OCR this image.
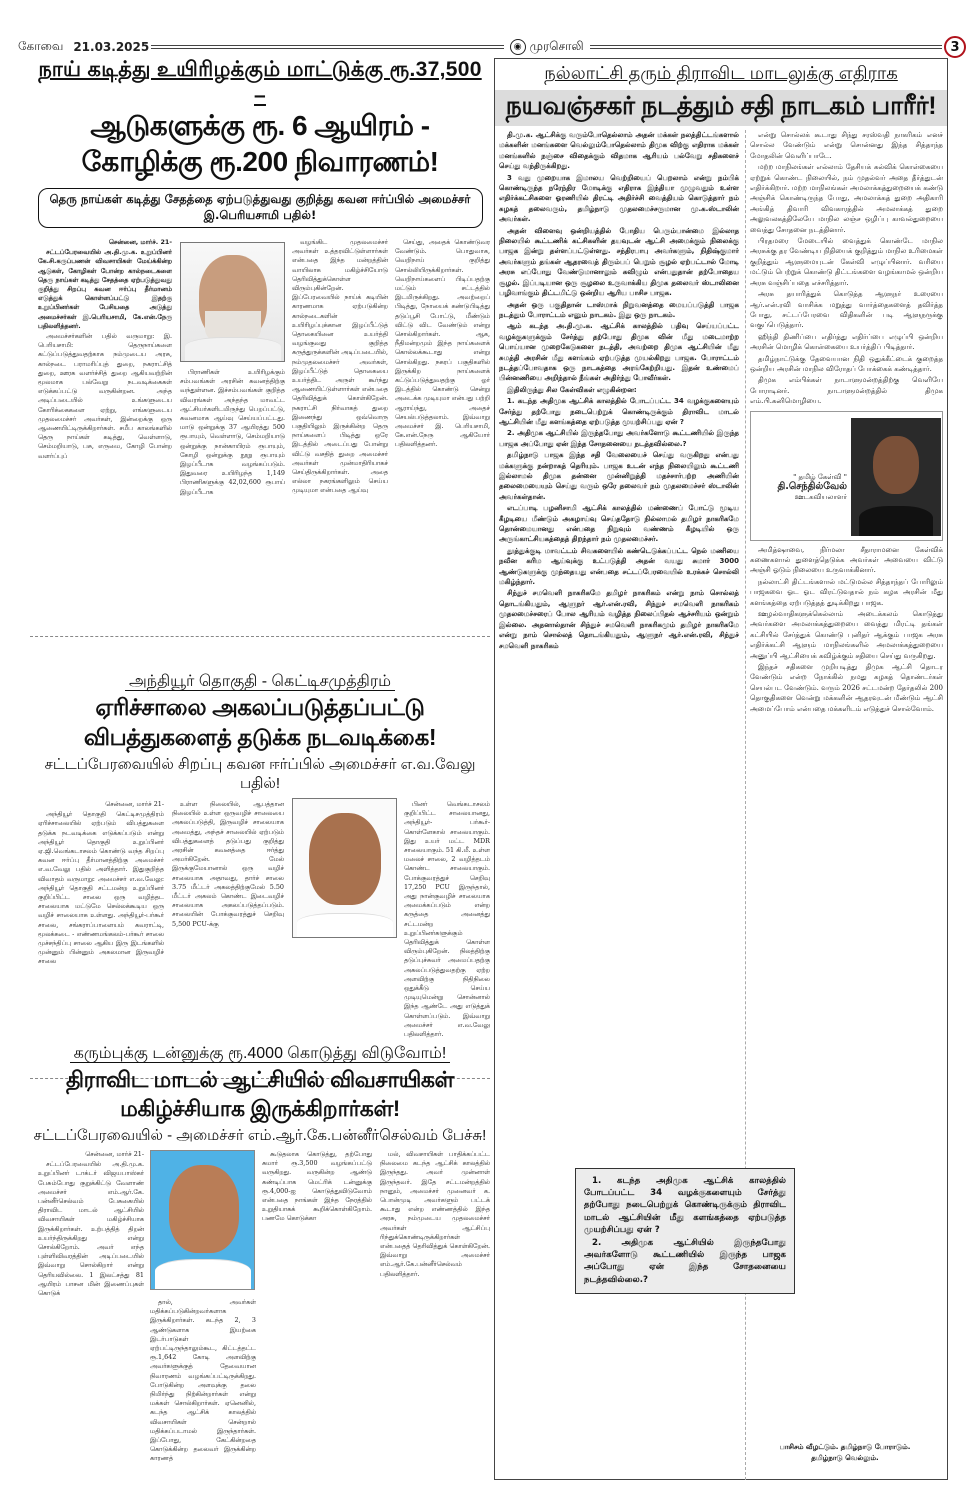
கோவை 21.03.2025	◉ முரசொலி	3
நாய் கடித்து உயிரிழக்கும் மாட்டுக்கு ரூ.37,500 –
ஆடுகளுக்கு ரூ. 6 ஆயிரம் - கோழிக்கு ரூ.200 நிவாரணம்!
தெரு நாய்கள் கடித்து சேதத்தை ஏற்படுத்துவது குறித்து கவன ஈர்ப்பில் அமைச்சர் இ.பெரியசாமி பதில்!

சென்னை, மார்ச். 21-

சட்டப்பேரவையில் அ.தி.மு.க. உறுப்பினர் கே.சி.கருப்பணன் விவசாயிகள் மேய்க்கின்ற ஆடுகள், கோழிகள் போன்ற கால்நடைகளை தெரு நாய்கள் கடித்து சேதத்தை ஏற்படுத்துவது குறித்து சிறப்பு கவன ஈர்ப்பு தீர்மானம் எடுத்துக் கொள்ளப்பட்டு இதற்கு உறுப்பினர்கள் பேசியதை அடுத்து அமைச்சர்கள் இ.பெரியசாமி, கே.என்.நேரு பதிலளித்தனர்.

அமைச்சர்களின் பதில் வருமாறு: இ. பெரியசாமி: தெருநாய்களை கட்டுப்படுத்துவதற்காக நம்முடைய அரசு, கால்நடை பராமரிப்புத் துறை, நகராட்சித் துறை, ஊரக வளர்ச்சித் துறை ஆகியவற்றின் மூலமாக பல்வேறு நடவடிக்கைகள் எடுக்கப்பட்டு வருகின்றன. அந்த அடிப்படையில் உங்களுடைய கோரிக்கைகளை ஏற்று, எங்களுடைய முதலமைச்சர் அவர்கள், இன்றைக்கு ஒரு ஆணையிட்டிருக்கிறார்கள். சமீப காலங்களில் தெரு நாய்கள் கடித்து, வெள்ளாடு, செம்மறியாடு, பசு, எருமை, கோழி போன்ற வளர்ப்புப்

பிராணிகள் உயிரிழக்கும் சம்பவங்கள் அரசின் கவனத்திற்கு வந்துள்ளன. இச்சம்பவங்கள் குறித்த விவரங்கள் அந்தந்த மாவட்ட ஆட்சியர்களிடமிருந்து பெறப்பட்டு, கவனமாக ஆய்வு செய்யப்பட்டது. மாடு ஒன்றுக்கு 37 ஆயிரத்து 500 ரூபாயும், வெள்ளாடு, செம்மறியாடு ஒன்றுக்கு நான்காயிரம் ரூபாயும், கோழி ஒன்றுக்கு நூறு ரூபாயும் இழப்பீடாக வழங்கப்படும். இதுவரை உயிரிழந்த 1,149 பிராணிகளுக்கு 42,02,600 ரூபாய் இழப்பீடாக

வழங்கிட முதலமைச்சர் அவர்கள் உத்தரவிட்டுள்ளார்கள் என்பதை இந்த மன்றத்தின் வாயிலாக மகிழ்ச்சியோடு தெரிவித்துக்கொள்ள விரும்புகின்றேன். இப்பேரவையில் நாய்க் கடியின் காரணமாக ஏற்படுகின்ற கால்நடைகளின் உயிரிழப்புக்கான இழப்பீட்டுத் தொகையினை உயர்த்தி வழங்குவது குறித்த கருத்துருக்களின் அடிப்படையில், நம்முதலமைச்சர் அவர்கள், இழப்பீட்டுத் தொகையை உயர்த்திட அருள் கூர்ந்து ஆணையிட்டுள்ளார்கள் என்பதை தெரிவித்துக் கொள்கிறேன். நகராட்சி நிர்வாகத் துறை இணைந்து ஒவ்வொரு பகுதியிலும் இருக்கின்ற தெரு நாய்களைப் பிடித்து ஒரே இடத்தில் அடைப்பது போன்று விட்டு வசதித் துறை அமைச்சர் அவர்கள் முன்மாதிரியாகச் செய்திருக்கிறார்கள். அதை எல்லா நகரங்களிலும் செய்ய முடியுமா என்பதை ஆய்வு

செய்து, அதைக் கொண்டுவர வேண்டும். பொதுவாக, வெறிநாய் குறித்து சொல்லியிருக்கிறார்கள். வெறிநாய்களைப் பிடிப்பதற்கு மட்டும் சட்டத்தில் இடமிருக்கிறது. அவற்றைப் பிடித்து, நோயைக் கண்டுபிடித்து தடுப்பூசி போட்டு, மீண்டும் விட்டு விட வேண்டும் என்று சொல்கிறார்கள். ஆக, நீதிமன்றமும் இந்த நாய்களைக் கொல்லக்கூடாது என்று சொல்கிறது. நகரப் பகுதிகளில் இருக்கிற நாய்களைக் கட்டுப்படுத்துவதற்கு ஓர் இடத்தில் கொண்டு சென்று அடைக்க முடியுமா என்பது பற்றி ஆராய்ந்து, அதைச் செயல்படுத்தலாம். இவ்வாறு அமைச்சர் இ. பெரியசாமி, கே.என்.நேரு ஆகியோர் பதிலளித்தனர்.

அந்தியூர் தொகுதி - கெட்டிசமுத்திரம்
ஏரிச்சாலை அகலப்படுத்தப்பட்டு விபத்துகளைத் தடுக்க நடவடிக்கை!
சட்டப்பேரவையில் சிறப்பு கவன ஈர்ப்பில் அமைச்சர் எ.வ.வேலு பதில்!

சென்னை, மார்ச் 21-

அந்தியூர் தொகுதி கெட்டிசமுத்திரம் ஏரிச்சாலையில் ஏற்படும் விபத்துகளை தடுக்க நடவடிக்கை எடுக்கப்படும் என்று அந்தியூர் தொகுதி உறுப்பினர் ஏ.ஜி.வெங்கடாசலம் கொண்டு வந்த சிறப்பு கவன ஈர்ப்பு தீர்மானத்திற்கு அமைச்சர் எ.வ.வேலு பதில் அளித்தார். இதுகுறித்த விவாதம் வருமாறு: அமைச்சர் எ.வ.வேலு: அந்தியூர் தொகுதி சட்டமன்ற உறுப்பினர் குறிப்பிட்ட சாலை ஒரு வழித்தட சாலையாக மட்டுமே செல்லக்கூடிய ஒரு வழிச் சாலையாக உள்ளது. அந்தியூர்-பர்கூர் சாலை, சங்கராப்பாளையம் கவராட்டி, மூலக்கடை - எண்ணமங்கலம்-பர்கூர் சாலை முச்சந்திப்பு சாலை ஆகிய இரு இடங்களில் முன்னும் பின்னும் அகலமான இருவழிச் சாலை

உள்ள நிலையில், ஆபத்தான நிலையில் உள்ள ஒருவழிச் சாலையை அகலப்படுத்தி, இருவழிச் சாலையாக அமைத்து, அந்தச் சாலையில் ஏற்படும் விபத்துகளைத் தடுப்பது குறித்து அரசின் கவனத்தை ஈர்த்து அமர்கிறேன். மேல் இருக்குமேயானால் ஒரு வழிச் சாலையாக அதாவது, தார்ச் சாலை 3.75 மீட்டர் அகலத்திற்குமேல் 5.50 மீட்டர் அகலம் கொண்ட இடைவழிச் சாலையாக அகலப்படுத்தப்படும். சாலையின் போக்குவரத்துச் செறிவு 5,500 PCU-க்கு

பினர் வெங்கடாசலம் குறிப்பிட்ட சாலையானது, அந்தியூர்- பர்கூர்-கொள்ளேகால் சாலையாகும். இது உயர் மட்ட MDR சாலையாகும். 51 கி.மீ. உள்ள மலைச் சாலை, 2 வழித்தடம் கொண்ட சாலையாகும். போக்குவரத்துச் செறிவு 17,250 PCU இருந்தால், அது நான்குவழிச் சாலையாக அமைக்கப்படும் என்ற கருத்தை அனைத்து சட்டமன்ற உறுப்பினர்களுக்கும் தெரிவித்துக் கொள்ள விரும்புகிறேன். நிலத்திற்கு தடுப்புச்சுவர் அமைப்பதற்கு அகலப்படுத்துவதற்கு ஏற்ற அளவிற்கு நிதிநிலை ஒதுக்கீடு செய்ய முடியுமென்று சொன்னால் இந்த ஆண்டே அது எடுத்துக் கொள்ளப்படும். இவ்வாறு அமைச்சர் எ.வ.வேலு பதிலளித்தார்.

கரும்புக்கு டன்னுக்கு ரூ.4000 கொடுத்து விடுவோம்!
திராவிட மாடல் ஆட்சியில் விவசாயிகள் மகிழ்ச்சியாக இருக்கிறார்கள்!
சட்டப்பேரவையில் - அமைச்சர் எம்.ஆர்.கே.பன்னீர்செல்வம் பேச்சு!

சென்னை, மார்ச் 21-

சட்டப்பேரவையில் அ.தி.மு.க. உறுப்பினர் டாக்டர் விஜயபாஸ்கர் பேசும்போது குறுக்கிட்டு வேளாண் அமைச்சர் எம்.ஆர்.கே. பன்னீர்செல்வம் பேசுகையில் திராவிட மாடல் ஆட்சியில் விவசாயிகள் மகிழ்ச்சியாக இருக்கிறார்கள். உற்பத்தித் திறன் உயர்ந்திருக்கிறது என்று சொல்கிறோம். அவர் எந்த புள்ளிவிவரத்தின் அடிப்படையில் இவ்வாறு சொல்கிறார் என்று தெரியவில்லை. 1 இலட்சத்து 81 ஆயிரம் பாசன மின் இணைப்புகள் கொடுக்

தால், அவர்கள் மதிக்கப்படுகின்றவர்களாக இருக்கிறார்கள். கடந்த 2, 3 ஆண்டுகளாக இயற்கை இடர்பாடுகள் ஏற்பட்டிருந்தாலும்கூட, கிட்டத்தட்ட ரூ.1,642 கோடி அளவிற்கு அவர்களுக்குத் தேவையான நிவாரணம் வழங்கப்பட்டிருக்கிறது. போடுகின்ற அளவுக்கு தலை நிமிர்ந்து நிற்கின்றார்கள் என்று மக்கள் சொல்கிறார்கள். ஏனெனில், கடந்த ஆட்சிக் காலத்தில் விவசாயிகள் சென்றால் மதிக்கப்படாமல் இருந்தார்கள். இப்போது, கேட்கின்றதை கொடுக்கின்ற தலைவர் இருக்கின்ற காரணத்

கூடுதலாக கொடுத்து, தற்போது சுமார் ரூ.3,500 வழங்கப்பட்டு வருகிறது. வருகின்ற ஆண்டு கண்டிப்பாக மெட்ரிக் டன்னுக்கு ரூ.4,000-ஐ கொடுத்துவிடுவோம் என்பதை நாங்கள் இந்த நேரத்தில் உறுதியாகக் கூறிக்கொள்கிறோம். பணமே கொடுக்கா

மல், விவசாயிகள் பாதிக்கப்பட்ட நிலைமை கடந்த ஆட்சிக் காலத்தில் இருந்தது. அவர் முன்னாள் இருந்தவர். இதே சட்டமன்றத்தில் நானும், அமைச்சர் முனைவர் க. பொன்முடி அவர்களும் பட்டக் கூடாது என்ற எண்ணத்தில் இந்த அரசு, நம்முடைய முதலமைச்சர் அவர்கள் ஆட்சிப்பு ரிந்துக்கொண்டிருக்கிறார்கள் என்பதைத் தெரிவித்துக் கொள்கிறேன். இவ்வாறு அமைச்சர் எம்.ஆர்.கே.பன்னீர்செல்வம் பதிலளித்தார்.

நல்லாட்சி தரும் திராவிட மாடலுக்கு எதிராக
நயவஞ்சகர் நடத்தும் சதி நாடகம் பாரீர்!

தி.மு.க. ஆட்சிக்கு வரும்போதெல்லாம் அதன் மக்கள் நலத்திட்டங்களால் மக்களின் மனங்களை வெல்லும்போதெல்லாம் திமுக விற்கு எதிராக மக்கள் மனங்களில் நஞ்சை விதைக்கும் விதமாக ஆரியம் பல்வேறு சதிகளைச் செய்து வந்திருக்கிறது.

3 வது முறையாக இமாலய வெற்றியைப் பெறலாம் என்று நம்பிக் கொண்டிருந்த நரேந்திர மோடிக்கு எதிராக இந்தியா முழுவதும் உள்ள எதிர்க்கட்சிகளை ஓரணியில் திரட்டி அதிர்ச்சி வைத்தியம் கொடுத்தார் நம் கழகத் தலைவரும், தமிழ்நாடு முதலமைச்சருமான மு.க.ஸ்டாலின் அவர்கள்.

அதன் விளைவு ஒன்றியத்தில் போதிய பெரும்பான்மை இல்லாத நிலையில் கூட்டணிக் கட்சிகளின் தயவுடன் ஆட்சி அமைக்கும் நிலைக்கு பாஜக இன்று தள்ளப்பட்டுள்ளது. சந்திரபாபு அவர்களும், நிதிஷ்குமார் அவர்களும் தங்கள் ஆதரவைத் திரும்பப் பெறும் சூழல் ஏற்பட்டால் மோடி அரசு எப்போது வேண்டுமானாலும் கவிழும் என்பதுதான் தற்போதைய சூழல். இப்படியான ஒரு சூழலை உருவாக்கிய திமுக தலைவர் ஸ்டாலினை பழிவாங்கும் திட்டமிட்டு ஒன்றிய ஆரிய பாசிச பாஜக.

அதன் ஒரு பகுதிதான் டாஸ்மாக் நிறுவனத்தை மையப்படுத்தி பாஜக நடத்தும் போராட்டம் எனும் நாடகம். இது ஒரு நாடகம்.

ஆம் கடந்த அ.தி.மு.க. ஆட்சிக் காலத்தில் பதிவு செய்யப்பட்ட வழக்குகளுக்கும் சேர்த்து தற்போது திமுக வின் மீது மடைமாற்ற பொய்யான முறைகேடுகளை நடத்தி, அவற்றை திமுக ஆட்சியின் மீது சுமத்தி அரசின் மீது களங்கம் ஏற்படுத்த முயல்கிறது பாஜக. போராட்டம் நடத்தப்போவதாக ஒரு நாடகத்தை அரங்கேற்றியது. இதன் உண்மைப் பின்னணியை அறிந்தால் நீங்கள் அதிர்ந்து போவீர்கள்.

இதிலிருந்து சில கேள்விகள் எழுகின்றன:

1. கடந்த அதிமுக ஆட்சிக் காலத்தில் போடப்பட்ட 34 வழக்குகளையும் சேர்த்து தற்போது நடைபெற்றுக் கொண்டிருக்கும் திராவிட மாடல் ஆட்சியின் மீது களங்கத்தை ஏற்படுத்த முயற்சிப்பது ஏன் ?

2. அதிமுக ஆட்சியில் இருந்தபோது அவர்களோடு கூட்டணியில் இருந்த பாஜக அப்போது ஏன் இந்த சோதனையை நடத்தவில்லை.?

தமிழ்நாடு பாஜக இந்த சதி வேலையைச் செய்து வருகிறது என்பது மக்களுக்கு நன்றாகத் தெரியும். பாஜக உடன் எந்த நிலையிலும் கூட்டணி இல்லாமல் திமுக தன்னை முன்னிறுத்தி மதச்சார்பற்ற அணியின் தலைமையையும் செய்து வரும் ஒரே தலைவர் நம் முதலமைச்சர் ஸ்டாலின் அவர்கள்தான்.

எடப்பாடி பழனிசாமி ஆட்சிக் காலத்தில் மண்ணைப் போட்டு மூடிய கீழடியை மீண்டும் அகழாய்வு செய்ததோடு நில்லாமல் தமிழர் நாகரிகமே தொன்மையானது என்பதை நிறுவும் வண்ணம் கீழடியில் ஒரு அருங்காட்சியகத்தைத் திறந்தார் நம் முதலமைச்சர்.

தூத்துக்குடி மாவட்டம் சிவகளையில் கண்டெடுக்கப்பட்ட நெல் மணியை நவீன கரிம ஆய்வுக்கு உட்படுத்தி அதன் வயது சுமார் 3000 ஆண்டுகளுக்கு முந்தையது என்பதை சட்டப்பேரவையில் உரக்கச் சொல்லி மகிழ்ந்தார்.

சிந்துச் சமவெளி நாகரிகமே தமிழர் நாகரிகம் என்று நாம் சொல்லத் தொடங்கியதும், ஆளுநர் ஆர்.என்.ரவி, சிந்துச் சமவெளி நாகரிகம் முதலமைச்சரைப் போல ஆரியம் வழித்த நிலைப்பிதல் ஆச்சரியம் ஒன்றும் இல்லை. அதனால்தான் சிந்துச் சமவெளி நாகரிகமும் தமிழர் நாகரிகமே என்று நாம் சொல்லத் தொடங்கியதும், ஆளுநர் ஆர்.என்.ரவி, சிந்துச் சமவெளி நாகரிகம்

என்று சொல்லக் கூடாது சிந்து சரஸ்வதி நாகரிகம் எனச் சொல்ல வேண்டும் என்று சொன்னது இந்த சித்தாந்த மோதலின் வெளிப்பாடே.

மற்ற மாநிலங்கள் எல்லாம் தேசியக் கல்விக் கொள்கையை ஏற்றுக் கொண்ட நிலையில், நம் முதல்வர் அதை தீர்த்துடன் எதிர்க்கிறார். மற்ற மாநிலங்கள் அமலாக்கத்துறையைக் கண்டு அஞ்சிக் கொண்டிருந்த போது, அமலாக்கத் துறை அதிகாரி அங்கித் திவாரி விவகாரத்தில் அமலாக்கத் துறை அலுவலகத்திலேயே மாநில லஞ்ச ஒழிப்பு காவல்துறையை வைத்து சோதனை நடத்தினார்.

பிரதமரை மேடையில் வைத்துக் கொண்டே மாநில அரசுக்கு தர வேண்டிய நிதியைக் குறித்தும் மாநில உரிமைகள் குறித்தும் ஆளுமையுடன் கேள்வி எழுப்பினார். வரியை மட்டும் பெற்றுக் கொண்டு திட்டங்களை வழங்காமல் ஒன்றிய அரசு வஞ்சிப்பதை எச்சரித்தார்.

அரசு தயாரித்துக் கொடுத்த ஆளுநர் உரையை ஆர்.என்.ரவி வாசிக்க மறுத்து வார்த்தைகளைத் தவிர்த்த போது, சட்டப்பேரவை விதிகளின் படி ஆளுநருக்கு வகுப்பெடுத்தார்.

ஹிந்தி திணிப்பை எதிர்த்து எதிர்ப்பை எழுப்பி ஒன்றிய அரசின் மொழிக் கொள்கையை உயர்த்திப் பிடித்தார்.

தமிழ்நாட்டுக்கு தேவையான நிதி ஒதுக்கீட்டைக் குறைத்த ஒன்றிய அரசின் மாநில விரோதப் போக்கைக் கண்டித்தார்.

திமுக எம்பிக்கள் நாடாளுமன்றத்திற்கு வெளியே போராடினர். நாடாளுமன்றத்தில் திமுக எம்.பி.கனிமொழியை.

" தமிழ் கேள்வி "
தி.செந்தில்வேல்
ஊடகவியலாளர்

அமித்ஷாவை, நிர்மலா சீதாராமனை கேள்விக் கணைகளால் துளைத்தெடுக்க அவர்கள் அவையை விட்டு அஞ்சி ஓடும் நிலையை உருவாக்கினார்.

நல்லாட்சி திட்டங்களால் மட்டுமல்ல சித்தாந்தப் போரிலும் பாஜகவை ஓட ஓட விரட்டுவதால் நம் கழக அரசின் மீது களங்கத்தை ஏற்படுத்தத் துடிக்கிறது பாஜக.

ஊழல்வாதிகளுக்கெல்லாம் அடைக்கலம் கொடுத்து அவர்களை அமலாக்கத்துறையை வைத்து மிரட்டி தங்கள் கட்சியில் சேர்த்துக் கொண்டு புனிதர் ஆக்கும் பாஜக அரசு எதிர்க்கட்சி ஆளும் மாநிலங்களில் அமலாக்கத்துறையை அனுப்பி ஆட்சியைக் கவிழ்க்கும் சதியை செய்து வருகிறது.

இந்தச் சதிகளை முறியடித்து திமுக ஆட்சி தொடர வேண்டும் என்ற நோக்கில் நமது கழகத் தொண்டர்கள் செயல்பட வேண்டும். வரும் 2026 சட்டமன்ற தேர்தலில் 200 தொகுதிகளை வென்று மக்களின் ஆதரவுடன் மீண்டும் ஆட்சி அமைப்போம் என்பதை மக்களிடம் எடுத்துச் சொல்வோம்.

1. கடந்த அதிமுக ஆட்சிக் காலத்தில் போடப்பட்ட 34 வழக்குகளையும் சேர்த்து தற்போது நடைபெற்றுக் கொண்டிருக்கும் திராவிட மாடல் ஆட்சியின் மீது களங்கத்தை ஏற்படுத்த முயற்சிப்பது ஏன் ?

2. அதிமுக ஆட்சியில் இருந்தபோது அவர்களோடு கூட்டணியில் இருந்த பாஜக அப்போது ஏன் இந்த சோதனையை நடத்தவில்லை.?

பாசிசம் வீழட்டும். தமிழ்நாடு போராடும்.
தமிழ்நாடு வெல்லும்.
